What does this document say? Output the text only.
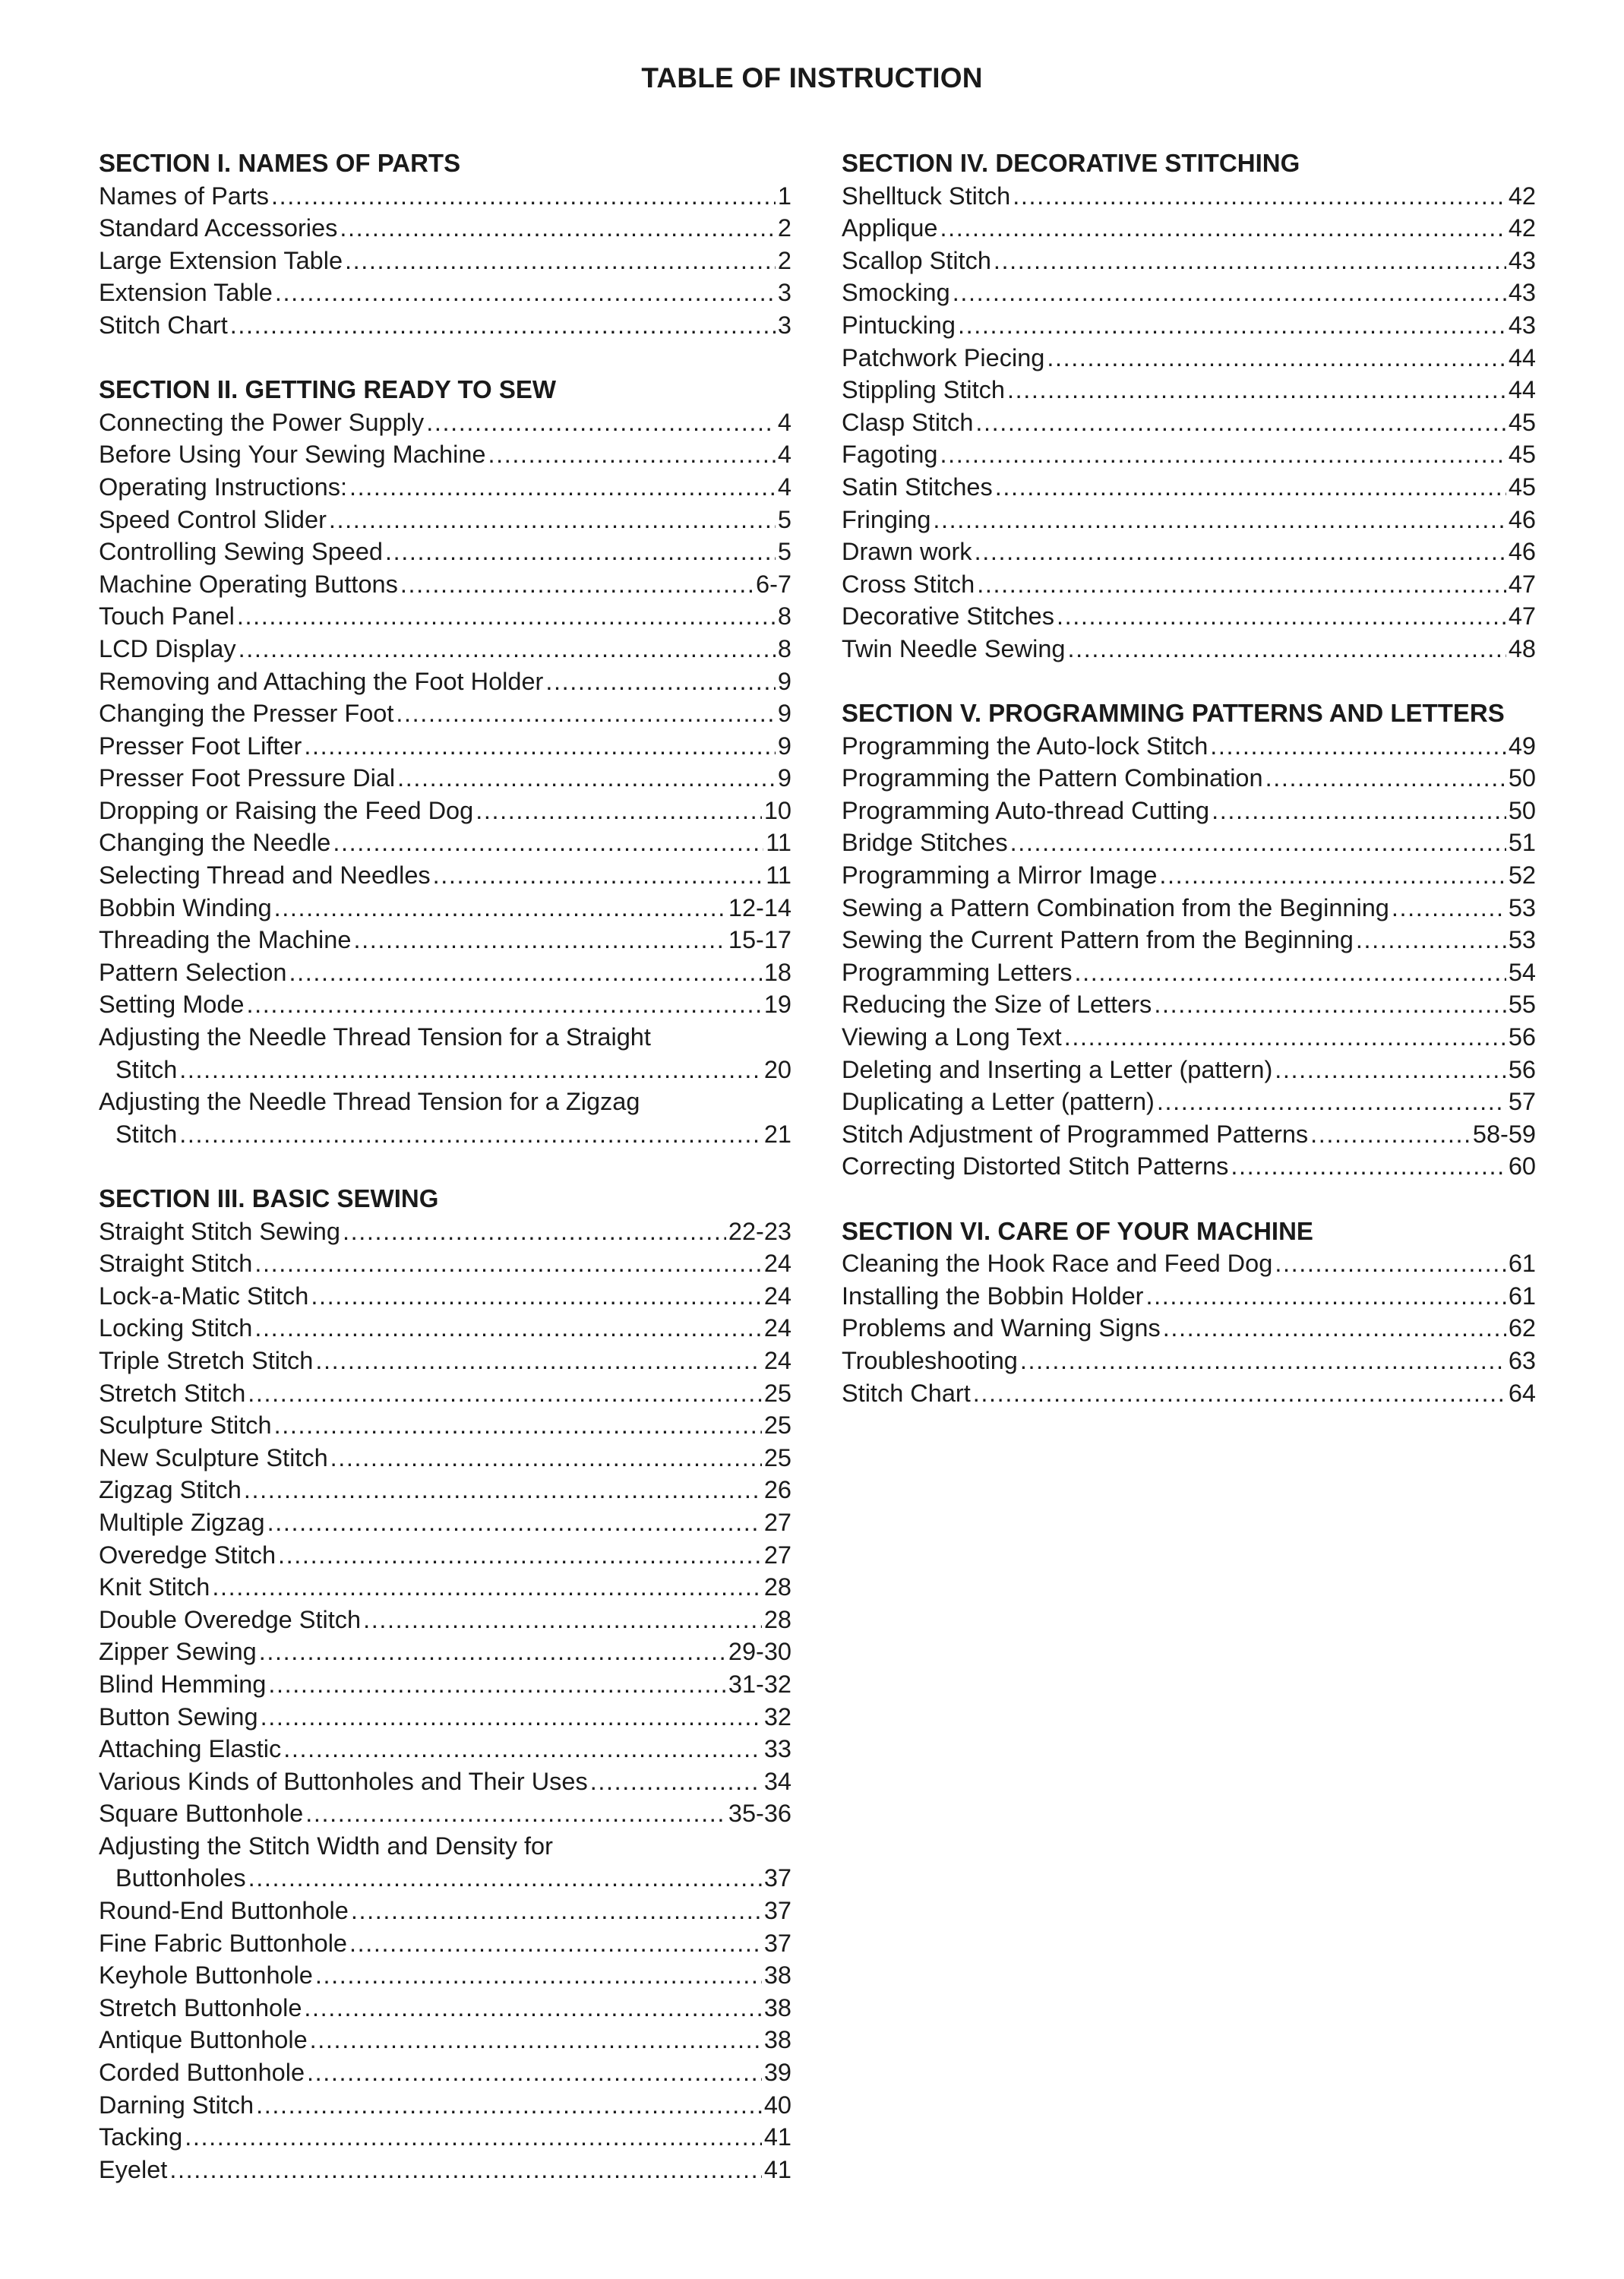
TABLE OF INSTRUCTION
SECTION I. NAMES OF PARTS
Names of Parts .....	1
Standard Accessories .....	2
Large Extension Table .....	2
Extension Table .....	3
Stitch Chart .....	3
SECTION II. GETTING READY TO SEW
Connecting the Power Supply .....	4
Before Using Your Sewing Machine .....	4
Operating Instructions: .....	4
Speed Control Slider .....	5
Controlling Sewing Speed .....	5
Machine Operating Buttons .....	6-7
Touch Panel .....	8
LCD Display .....	8
Removing and Attaching the Foot Holder .....	9
Changing the Presser Foot .....	9
Presser Foot Lifter .....	9
Presser Foot Pressure Dial .....	9
Dropping or Raising the Feed Dog .....	10
Changing the Needle .....	11
Selecting Thread and Needles .....	11
Bobbin Winding .....	12-14
Threading the Machine .....	15-17
Pattern Selection .....	18
Setting Mode .....	19
Adjusting the Needle Thread Tension for a Straight
Stitch .....	20
Adjusting the Needle Thread Tension for a Zigzag
Stitch .....	21
SECTION III. BASIC SEWING
Straight Stitch Sewing .....	22-23
Straight Stitch .....	24
Lock-a-Matic Stitch .....	24
Locking Stitch .....	24
Triple Stretch Stitch .....	24
Stretch Stitch .....	25
Sculpture Stitch .....	25
New Sculpture Stitch .....	25
Zigzag Stitch .....	26
Multiple Zigzag .....	27
Overedge Stitch .....	27
Knit Stitch .....	28
Double Overedge Stitch .....	28
Zipper Sewing .....	29-30
Blind Hemming .....	31-32
Button Sewing .....	32
Attaching Elastic .....	33
Various Kinds of Buttonholes and Their Uses .....	34
Square Buttonhole .....	35-36
Adjusting the Stitch Width and Density for
Buttonholes .....	37
Round-End Buttonhole .....	37
Fine Fabric Buttonhole .....	37
Keyhole Buttonhole .....	38
Stretch Buttonhole .....	38
Antique Buttonhole .....	38
Corded Buttonhole .....	39
Darning Stitch .....	40
Tacking .....	41
Eyelet .....	41
SECTION IV. DECORATIVE STITCHING
Shelltuck Stitch .....	42
Applique .....	42
Scallop Stitch .....	43
Smocking .....	43
Pintucking .....	43
Patchwork Piecing .....	44
Stippling Stitch .....	44
Clasp Stitch .....	45
Fagoting .....	45
Satin Stitches .....	45
Fringing .....	46
Drawn work .....	46
Cross Stitch .....	47
Decorative Stitches .....	47
Twin Needle Sewing .....	48
SECTION V. PROGRAMMING PATTERNS AND LETTERS
Programming the Auto-lock Stitch .....	49
Programming the Pattern Combination .....	50
Programming Auto-thread Cutting .....	50
Bridge Stitches .....	51
Programming a Mirror Image .....	52
Sewing a Pattern Combination from the Beginning .....	53
Sewing the Current Pattern from the Beginning .....	53
Programming Letters .....	54
Reducing the Size of Letters .....	55
Viewing a Long Text .....	56
Deleting and Inserting a Letter (pattern) .....	56
Duplicating a Letter (pattern) .....	57
Stitch Adjustment of Programmed Patterns .....	58-59
Correcting Distorted Stitch Patterns .....	60
SECTION VI. CARE OF YOUR MACHINE
Cleaning the Hook Race and Feed Dog .....	61
Installing the Bobbin Holder .....	61
Problems and Warning Signs .....	62
Troubleshooting .....	63
Stitch Chart .....	64
